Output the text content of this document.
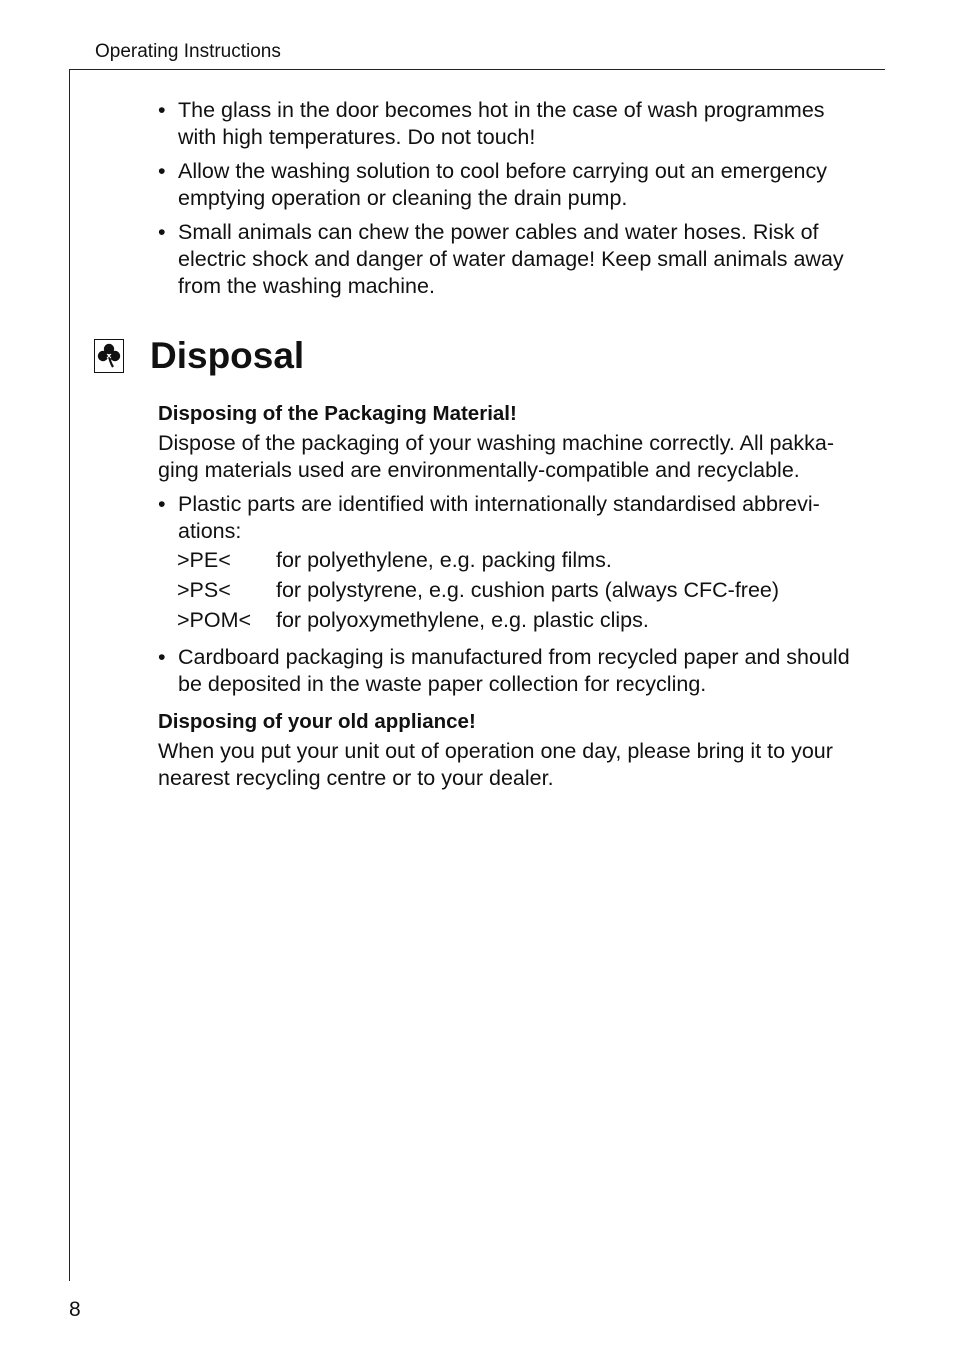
Operating Instructions
• The glass in the door becomes hot in the case of wash programmes with high temperatures. Do not touch!
• Allow the washing solution to cool before carrying out an emergency emptying operation or cleaning the drain pump.
• Small animals can chew the power cables and water hoses. Risk of electric shock and danger of water damage! Keep small animals away from the washing machine.
Disposal
Disposing of the Packaging Material!
Dispose of the packaging of your washing machine correctly. All pakka-ging materials used are environmentally-compatible and recyclable.
• Plastic parts are identified with internationally standardised abbrevi-ations:
>PE<	for polyethylene, e.g. packing films.
>PS<	for polystyrene, e.g. cushion parts (always CFC-free)
>POM<	for polyoxymethylene, e.g. plastic clips.
• Cardboard packaging is manufactured from recycled paper and should be deposited in the waste paper collection for recycling.
Disposing of your old appliance!
When you put your unit out of operation one day, please bring it to your nearest recycling centre or to your dealer.
8
